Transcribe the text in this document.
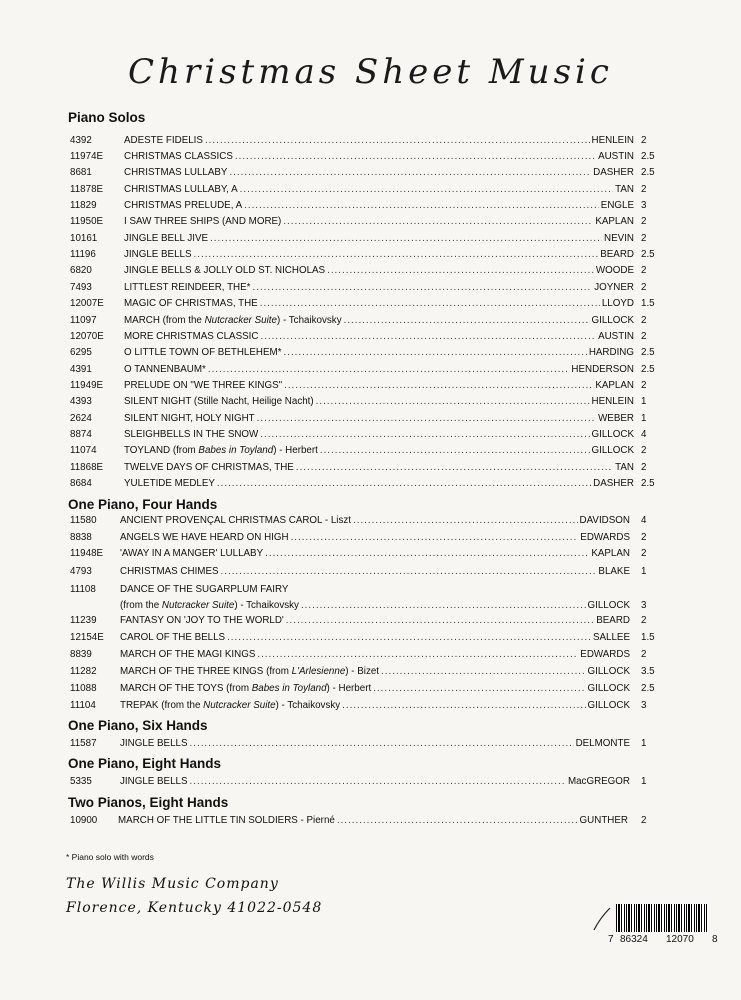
Christmas Sheet Music
Piano Solos
4392	ADESTE FIDELIS .....	HENLEIN 2
11974E CHRISTMAS CLASSICS .....	AUSTIN 2.5
8681	CHRISTMAS LULLABY .....	DASHER 2.5
11878E CHRISTMAS LULLABY, A .....	TAN 2
11829	CHRISTMAS PRELUDE, A .....	ENGLE 3
11950E I SAW THREE SHIPS (AND MORE) .....	KAPLAN 2
10161	JINGLE BELL JIVE .....	NEVIN 2
11196	JINGLE BELLS .....	BEARD 2.5
6820	JINGLE BELLS & JOLLY OLD ST. NICHOLAS .....	WOODE 2
7493	LITTLEST REINDEER, THE* .....	JOYNER 2
12007E MAGIC OF CHRISTMAS, THE .....	LLOYD 1.5
11097	MARCH (from the Nutcracker Suite) - Tchaikovsky .....	GILLOCK 2
12070E MORE CHRISTMAS CLASSIC .....	AUSTIN 2
6295	O LITTLE TOWN OF BETHLEHEM* .....	HARDING 2.5
4391	O TANNENBAUM* .....	HENDERSON 2.5
11949E PRELUDE ON "WE THREE KINGS" .....	KAPLAN 2
4393	SILENT NIGHT (Stille Nacht, Heilige Nacht) .....	HENLEIN 1
2624	SILENT NIGHT, HOLY NIGHT .....	WEBER 1
8874	SLEIGHBELLS IN THE SNOW .....	GILLOCK 4
11074	TOYLAND (from Babes in Toyland) - Herbert .....	GILLOCK 2
11868E TWELVE DAYS OF CHRISTMAS, THE .....	TAN 2
8684	YULETIDE MEDLEY .....	DASHER 2.5
One Piano, Four Hands
11580 ANCIENT PROVENÇAL CHRISTMAS CAROL - Liszt .....	DAVIDSON 4
8838	ANGELS WE HAVE HEARD ON HIGH .....	EDWARDS 2
11948E 'AWAY IN A MANGER' LULLABY .....	KAPLAN 2
4793	CHRISTMAS CHIMES .....	BLAKE 1
11108 DANCE OF THE SUGARPLUM FAIRY
(from the Nutcracker Suite) - Tchaikovsky .....	GILLOCK 3
11239 FANTASY ON 'JOY TO THE WORLD' .....	BEARD 2
12154E CAROL OF THE BELLS .....	SALLEE 1.5
8839	MARCH OF THE MAGI KINGS .....	EDWARDS 2
11282 MARCH OF THE THREE KINGS (from L'Arlesienne) - Bizet .....	GILLOCK 3.5
11088 MARCH OF THE TOYS (from Babes in Toyland) - Herbert .....	GILLOCK 2.5
11104 TREPAK (from the Nutcracker Suite) - Tchaikovsky .....	GILLOCK 3
One Piano, Six Hands
11587 JINGLE BELLS .....	DELMONTE 1
One Piano, Eight Hands
5335	JINGLE BELLS .....	MacGREGOR 1
Two Pianos, Eight Hands
10900 MARCH OF THE LITTLE TIN SOLDIERS - Pierné .....	GUNTHER 2
* Piano solo with words
The Willis Music Company
Florence, Kentucky 41022-0548
7 86324 12070 8
